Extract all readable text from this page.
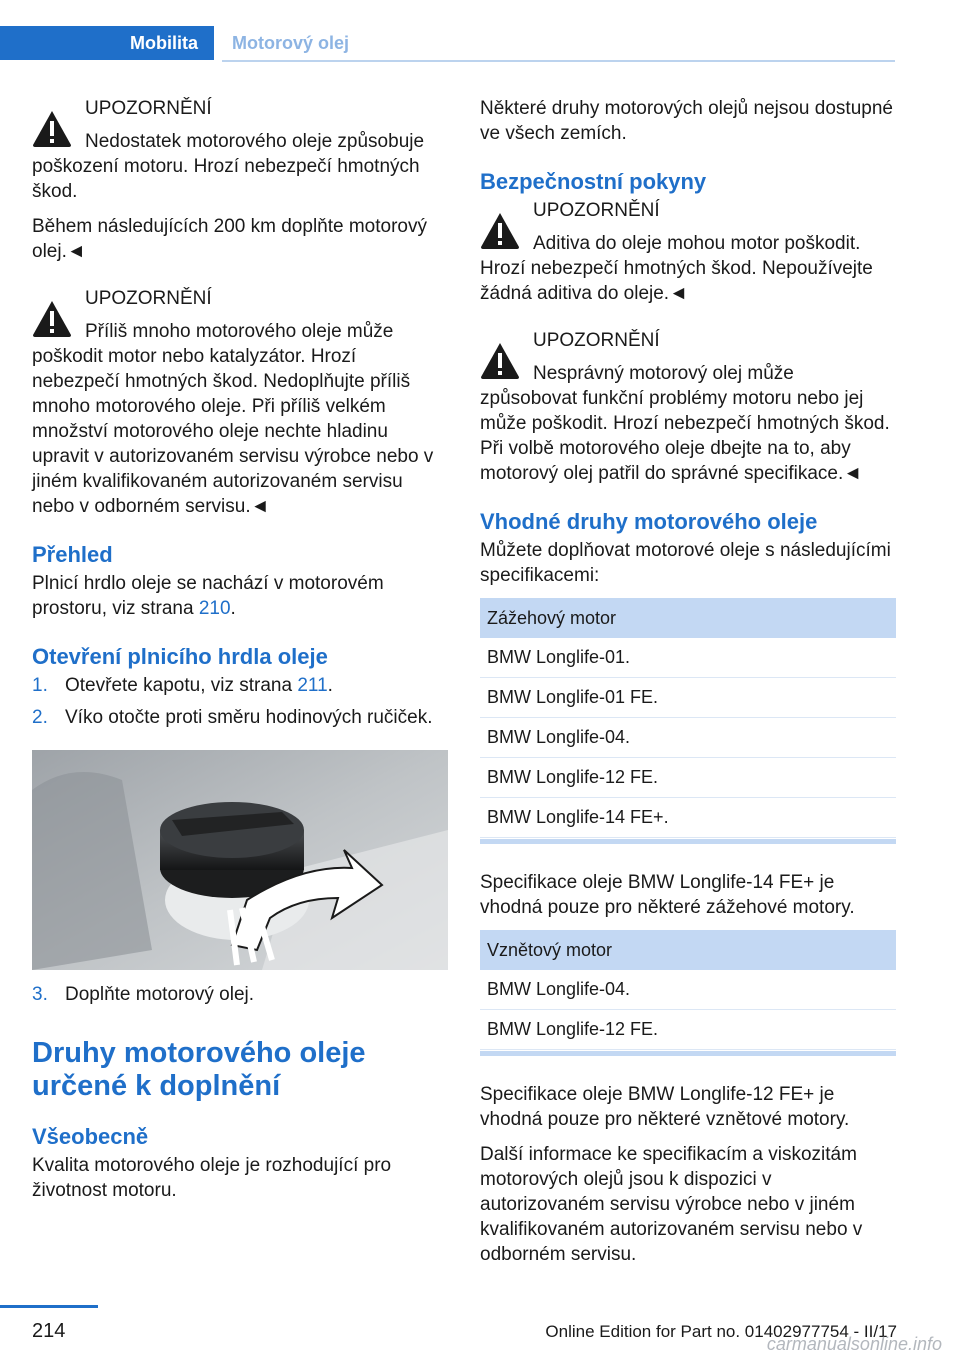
Mobilita	Motorový olej
UPOZORNĚNÍ

Nedostatek motorového oleje způsobuje poškození motoru. Hrozí nebezpečí hmotných škod.

Během následujících 200 km doplňte motorový olej.◄

UPOZORNĚNÍ

Příliš mnoho motorového oleje může poškodit motor nebo katalyzátor. Hrozí nebezpečí hmotných škod. Nedoplňujte příliš mnoho motorového oleje. Při příliš velkém množství motorového oleje nechte hladinu upravit v autorizovaném servisu výrobce nebo v jiném kvalifikovaném autorizovaném servisu nebo v odborném servisu.◄

Přehled

Plnicí hrdlo oleje se nachází v motorovém prostoru, viz strana 210.

Otevření plnicího hrdla oleje
1. Otevřete kapotu, viz strana 211.
2. Víko otočte proti směru hodinových ručiček.
3. Doplňte motorový olej.
Druhy motorového oleje určené k doplnění
Všeobecně

Kvalita motorového oleje je rozhodující pro životnost motoru.

Některé druhy motorových olejů nejsou dostupné ve všech zemích.

Bezpečnostní pokyny
UPOZORNĚNÍ

Aditiva do oleje mohou motor poškodit. Hrozí nebezpečí hmotných škod. Nepoužívejte žádná aditiva do oleje.◄

UPOZORNĚNÍ

Nesprávný motorový olej může způsobovat funkční problémy motoru nebo jej může poškodit. Hrozí nebezpečí hmotných škod. Při volbě motorového oleje dbejte na to, aby motorový olej patřil do správné specifikace.◄

Vhodné druhy motorového oleje

Můžete doplňovat motorové oleje s následujícími specifikacemi:

Zážehový motor
BMW Longlife-01.
BMW Longlife-01 FE.
BMW Longlife-04.
BMW Longlife-12 FE.
BMW Longlife-14 FE+.

Specifikace oleje BMW Longlife-14 FE+ je vhodná pouze pro některé zážehové motory.

Vznětový motor
BMW Longlife-04.
BMW Longlife-12 FE.

Specifikace oleje BMW Longlife-12 FE+ je vhodná pouze pro některé vznětové motory.

Další informace ke specifikacím a viskozitám motorových olejů jsou k dispozici v autorizovaném servisu výrobce nebo v jiném kvalifikovaném autorizovaném servisu nebo v odborném servisu.

214	Online Edition for Part no. 01402977754 - II/17
carmanualsonline.info
